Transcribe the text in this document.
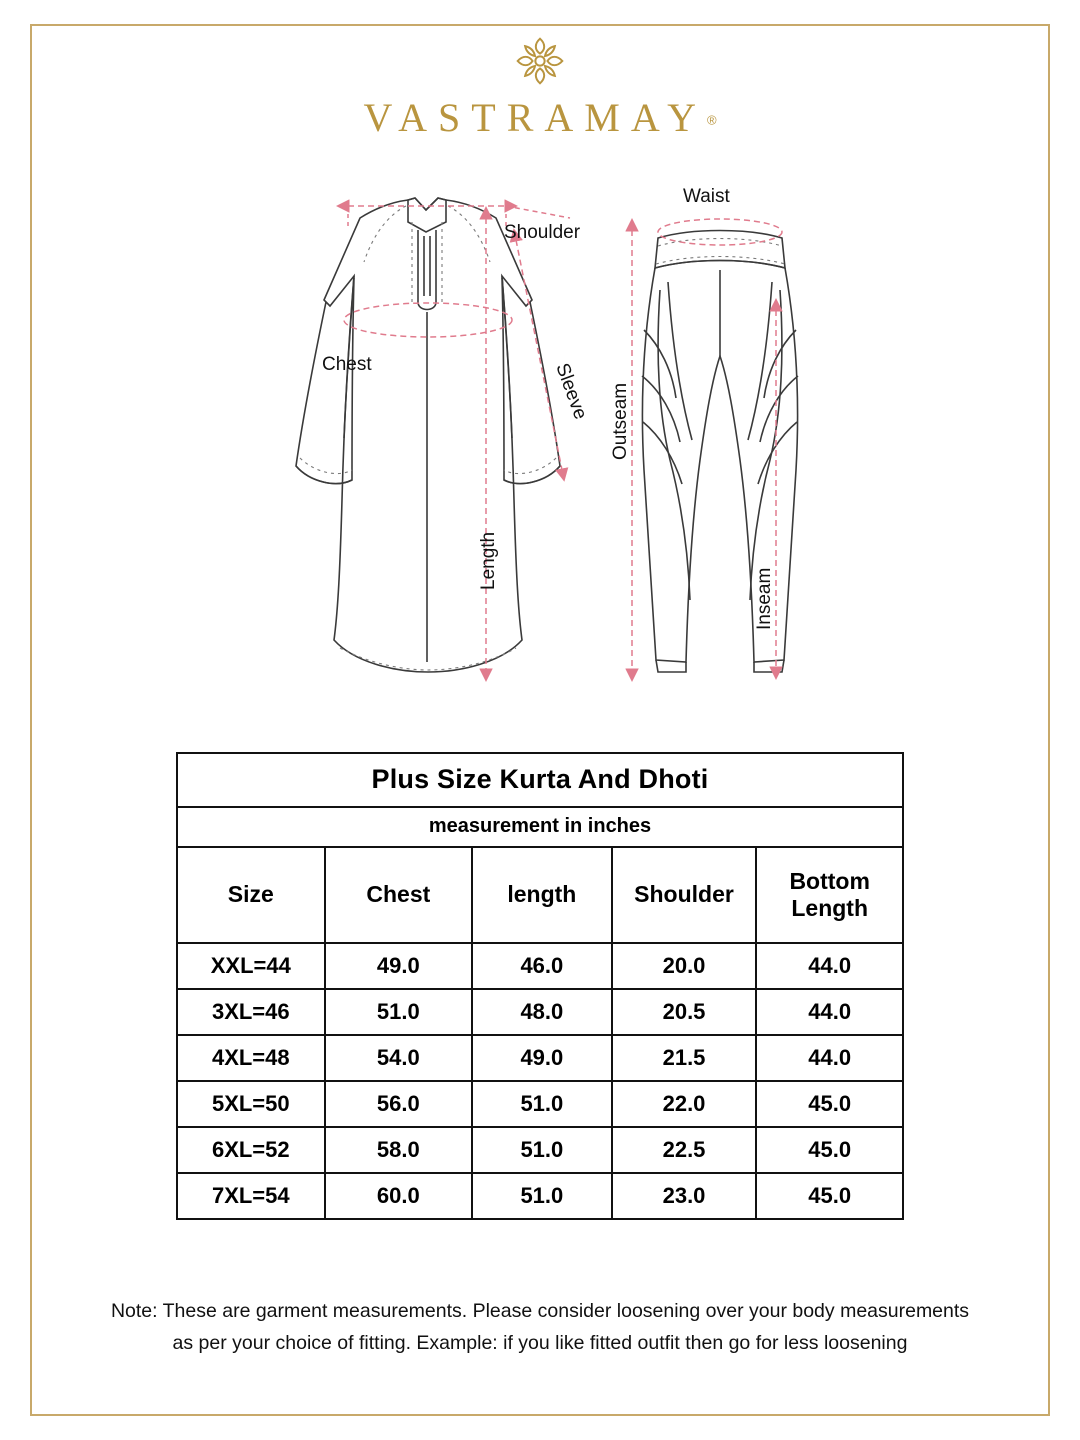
VASTRAMAY®
Shoulder
Chest	Sleeve
Length
Waist
Outseam
Inseam
Plus Size Kurta And Dhoti				
measurement in inches				
Size	Chest	length	Shoulder	Bottom
Length
XXL=44	49.0	46.0	20.0	44.0
3XL=46	51.0	48.0	20.5	44.0
4XL=48	54.0	49.0	21.5	44.0
5XL=50	56.0	51.0	22.0	45.0
6XL=52	58.0	51.0	22.5	45.0
7XL=54	60.0	51.0	23.0	45.0
Note: These are garment measurements. Please consider loosening over your body measurements
as per your choice of fitting. Example: if you like fitted outfit then go for less loosening
